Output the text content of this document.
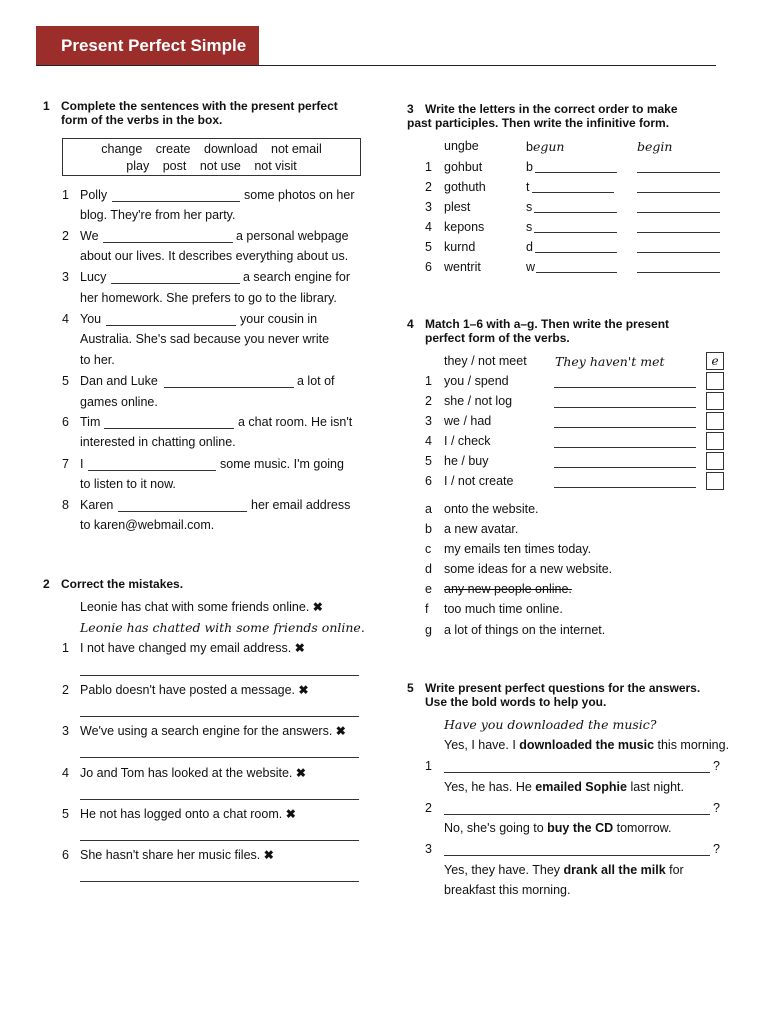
Present Perfect Simple
1 Complete the sentences with the present perfect
form of the verbs in the box.
change create download not email
play post not use not visit
1 Polly	some photos on her
blog. They're from her party.
2 We	a personal webpage
about our lives. It describes everything about us.
3 Lucy	a search engine for
her homework. She prefers to go to the library.
4 You	your cousin in
Australia. She's sad because you never write
to her.
5 Dan and Luke	a lot of
games online.
6 Tim	a chat room. He isn't
interested in chatting online.
7 I	some music. I'm going
to listen to it now.
8 Karen	her email address
to karen@webmail.com.
2 Correct the mistakes.
Leonie has chat with some friends online. ✖
Leonie has chatted with some friends online.
1 I not have changed my email address. ✖
2 Pablo doesn't have posted a message. ✖
3 We've using a search engine for the answers. ✖
4 Jo and Tom has looked at the website. ✖
5 He not has logged onto a chat room. ✖
6 She hasn't share her music files. ✖
3 Write the letters in the correct order to make
past participles. Then write the infinitive form.
ungbe	begun	begin
1 gohbut	b
2 gothuth	t
3 plest	s
4 kepons	s
5 kurnd	d
6 wentrit	w
4 Match 1–6 with a–g. Then write the present
perfect form of the verbs.
they / not meet They haven't met	e
1 you / spend
2 she / not log
3 we / had
4 I / check
5 he / buy
6 I / not create
a onto the website.
b a new avatar.
c my emails ten times today.
d some ideas for a new website.
e any new people online.
f too much time online.
g a lot of things on the internet.
5 Write present perfect questions for the answers.
Use the bold words to help you.
Have you downloaded the music?
Yes, I have. I downloaded the music this morning.
1	?
Yes, he has. He emailed Sophie last night.
2	?
No, she's going to buy the CD tomorrow.
3	?
Yes, they have. They drank all the milk for
breakfast this morning.
